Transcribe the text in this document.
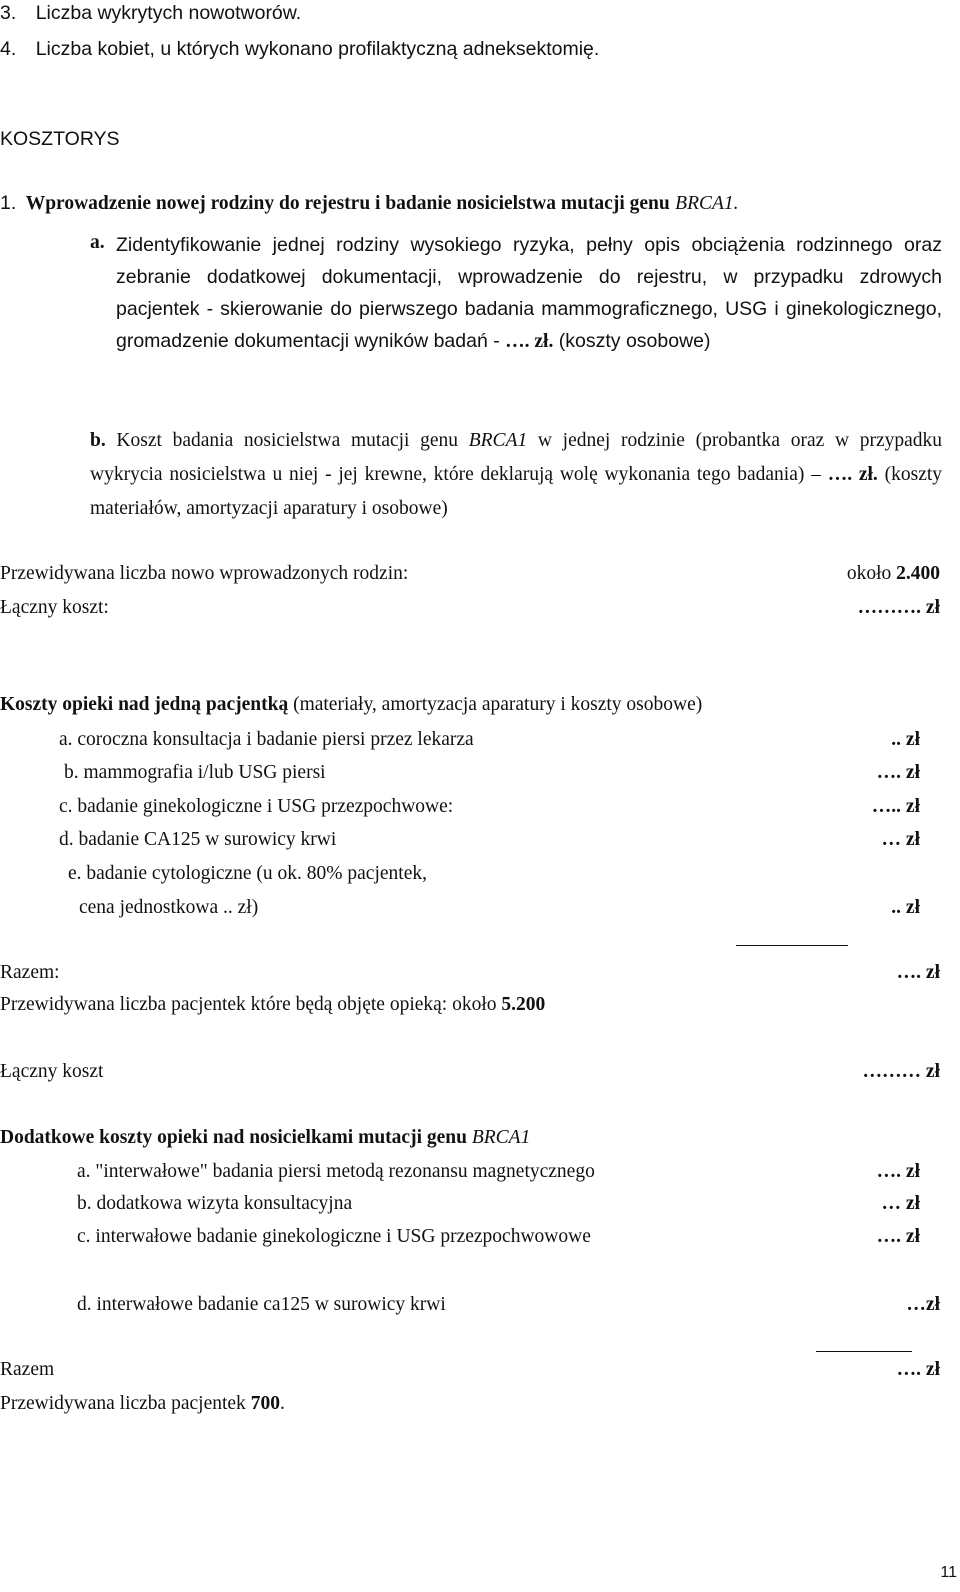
3. Liczba wykrytych nowotworów.
4. Liczba kobiet, u których wykonano profilaktyczną adneksektomię.
KOSZTORYS
1. Wprowadzenie nowej rodziny do rejestru i badanie nosicielstwa mutacji genu BRCA1.
a. Zidentyfikowanie jednej rodziny wysokiego ryzyka, pełny opis obciążenia rodzinnego oraz zebranie dodatkowej dokumentacji, wprowadzenie do rejestru, w przypadku zdrowych pacjentek - skierowanie do pierwszego badania mammograficznego, USG i ginekologicznego, gromadzenie dokumentacji wyników badań - …. zł. (koszty osobowe)
b. Koszt badania nosicielstwa mutacji genu BRCA1 w jednej rodzinie (probantka oraz w przypadku wykrycia nosicielstwa u niej - jej krewne, które deklarują wolę wykonania tego badania) – …. zł. (koszty materiałów, amortyzacji aparatury i osobowe)
Przewidywana liczba nowo wprowadzonych rodzin:	około 2.400
Łączny koszt:	………. zł
Koszty opieki nad jedną pacjentką (materiały, amortyzacja aparatury i koszty osobowe)
a. coroczna konsultacja i badanie piersi przez lekarza	.. zł
b. mammografia i/lub USG piersi	…. zł
c. badanie ginekologiczne i USG przezpochwowe:	….. zł
d. badanie CA125 w surowicy krwi	… zł
e. badanie cytologiczne (u ok. 80% pacjentek,
cena jednostkowa .. zł)	.. zł
Razem:	…. zł
Przewidywana liczba pacjentek które będą objęte opieką: około 5.200
Łączny koszt	……… zł
Dodatkowe koszty opieki nad nosicielkami mutacji genu BRCA1
a. "interwałowe" badania piersi metodą rezonansu magnetycznego	…. zł
b. dodatkowa wizyta konsultacyjna	… zł
c. interwałowe badanie ginekologiczne i USG przezpochwowowe	…. zł
d. interwałowe badanie ca125 w surowicy krwi	…zł
Razem	…. zł
Przewidywana liczba pacjentek 700.
11
